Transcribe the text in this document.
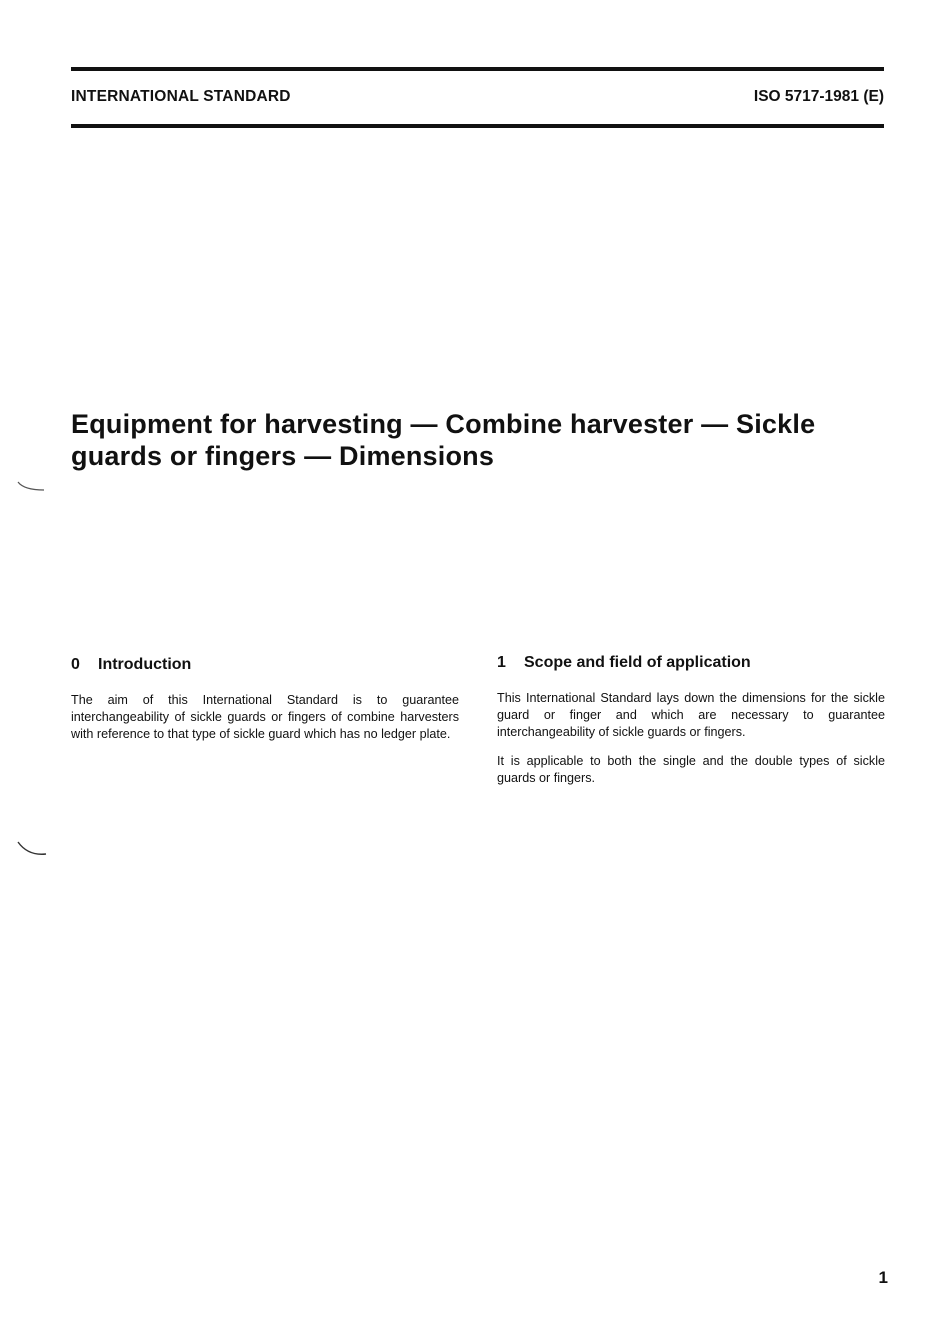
INTERNATIONAL STANDARD	ISO 5717-1981 (E)
Equipment for harvesting — Combine harvester — Sickle
guards or fingers — Dimensions
0 Introduction

The aim of this International Standard is to guarantee interchangeability of sickle guards or fingers of combine harvesters with reference to that type of sickle guard which has no ledger plate.

1 Scope and field of application

This International Standard lays down the dimensions for the sickle guard or finger and which are necessary to guarantee interchangeability of sickle guards or fingers.

It is applicable to both the single and the double types of sickle guards or fingers.

1
